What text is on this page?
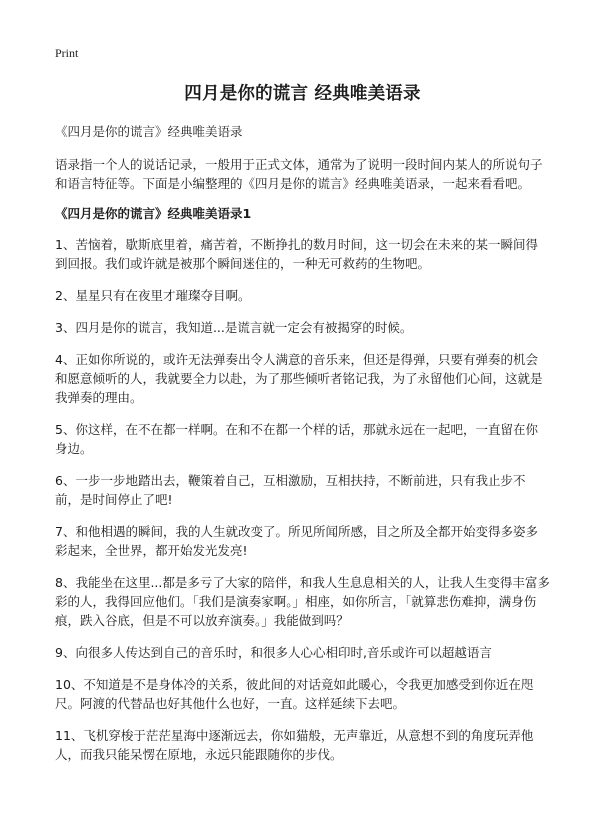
Print
四月是你的谎言 经典唯美语录
《四月是你的谎言》经典唯美语录
语录指一个人的说话记录，一般用于正式文体，通常为了说明一段时间内某人的所说句子和语言特征等。下面是小编整理的《四月是你的谎言》经典唯美语录，一起来看看吧。
《四月是你的谎言》经典唯美语录1

1、苦恼着，歇斯底里着，痛苦着，不断挣扎的数月时间，这一切会在未来的某一瞬间得到回报。我们或许就是被那个瞬间迷住的，一种无可救药的生物吧。

2、星星只有在夜里才璀璨夺目啊。

3、四月是你的谎言，我知道...是谎言就一定会有被揭穿的时候。

4、正如你所说的，或许无法弹奏出令人满意的音乐来，但还是得弹，只要有弹奏的机会和愿意倾听的人，我就要全力以赴，为了那些倾听者铭记我，为了永留他们心间，这就是我弹奏的理由。

5、你这样，在不在都一样啊。在和不在都一个样的话，那就永远在一起吧，一直留在你身边。

6、一步一步地踏出去，鞭策着自己，互相激励，互相扶持，不断前进，只有我止步不前，是时间停止了吧!

7、和他相遇的瞬间，我的人生就改变了。所见所闻所感，目之所及全都开始变得多姿多彩起来，全世界，都开始发光发亮!

8、我能坐在这里...都是多亏了大家的陪伴，和我人生息息相关的人，让我人生变得丰富多彩的人，我得回应他们。「我们是演奏家啊。」相座，如你所言，「就算悲伤难抑，满身伤痕，跌入谷底，但是不可以放弃演奏。」我能做到吗？

9、向很多人传达到自己的音乐时，和很多人心心相印时,音乐或许可以超越语言

10、不知道是不是身体冷的关系，彼此间的对话竟如此暖心，令我更加感受到你近在咫尺。阿渡的代替品也好其他什么也好，一直。这样延续下去吧。

11、飞机穿梭于茫茫星海中逐渐远去，你如猫般，无声靠近，从意想不到的角度玩弄他人，而我只能呆愣在原地，永远只能跟随你的步伐。
